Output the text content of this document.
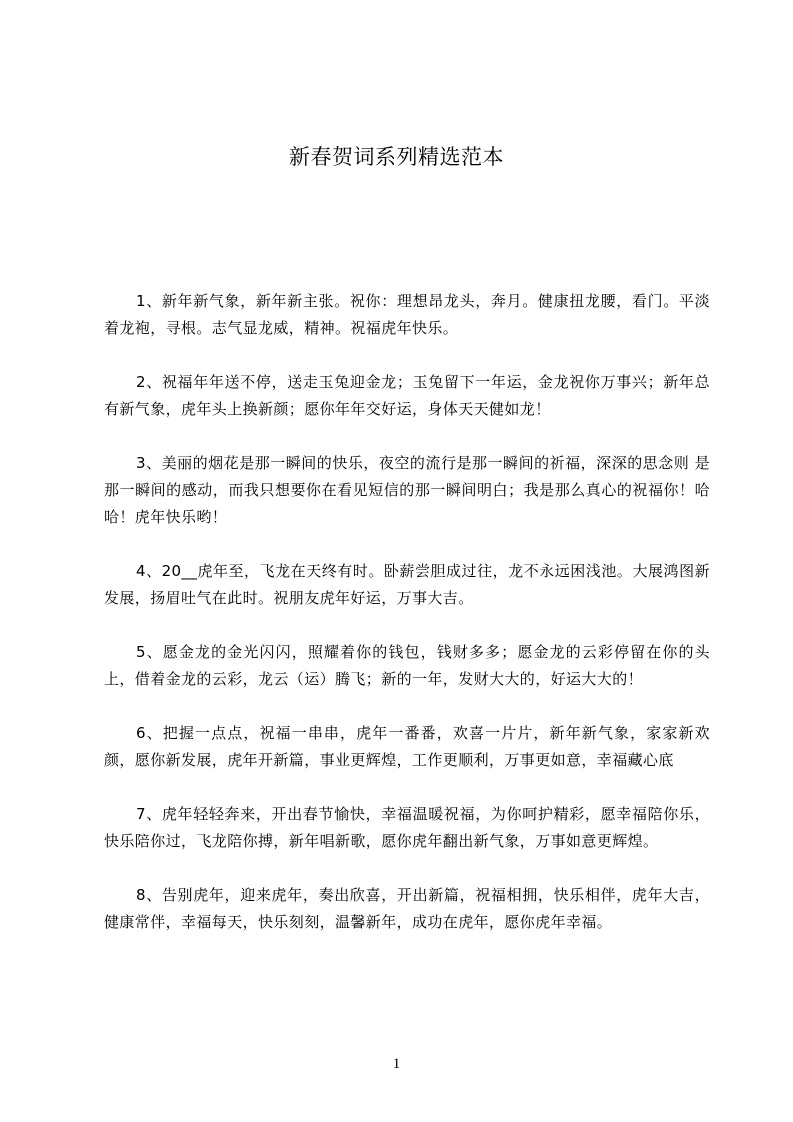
新春贺词系列精选范本

1、新年新气象，新年新主张。祝你：理想昂龙头，奔月。健康扭龙腰，看门。平淡着龙袍，寻根。志气显龙威，精神。祝福虎年快乐。

2、祝福年年送不停，送走玉兔迎金龙；玉兔留下一年运，金龙祝你万事兴；新年总有新气象，虎年头上换新颜；愿你年年交好运，身体天天健如龙！

3、美丽的烟花是那一瞬间的快乐，夜空的流行是那一瞬间的祈福，深深的思念则 是那一瞬间的感动，而我只想要你在看见短信的那一瞬间明白；我是那么真心的祝福你！哈哈！虎年快乐哟！

4、20__虎年至，飞龙在天终有时。卧薪尝胆成过往，龙不永远困浅池。大展鸿图新发展，扬眉吐气在此时。祝朋友虎年好运，万事大吉。

5、愿金龙的金光闪闪，照耀着你的钱包，钱财多多；愿金龙的云彩停留在你的头上，借着金龙的云彩，龙云（运）腾飞；新的一年，发财大大的，好运大大的！

6、把握一点点，祝福一串串，虎年一番番，欢喜一片片，新年新气象，家家新欢颜，愿你新发展，虎年开新篇，事业更辉煌，工作更顺利，万事更如意，幸福藏心底

7、虎年轻轻奔来，开出春节愉快，幸福温暖祝福，为你呵护精彩，愿幸福陪你乐，快乐陪你过，飞龙陪你搏，新年唱新歌，愿你虎年翻出新气象，万事如意更辉煌。

8、告别虎年，迎来虎年，奏出欣喜，开出新篇，祝福相拥，快乐相伴，虎年大吉，健康常伴，幸福每天，快乐刻刻，温馨新年，成功在虎年，愿你虎年幸福。

1
